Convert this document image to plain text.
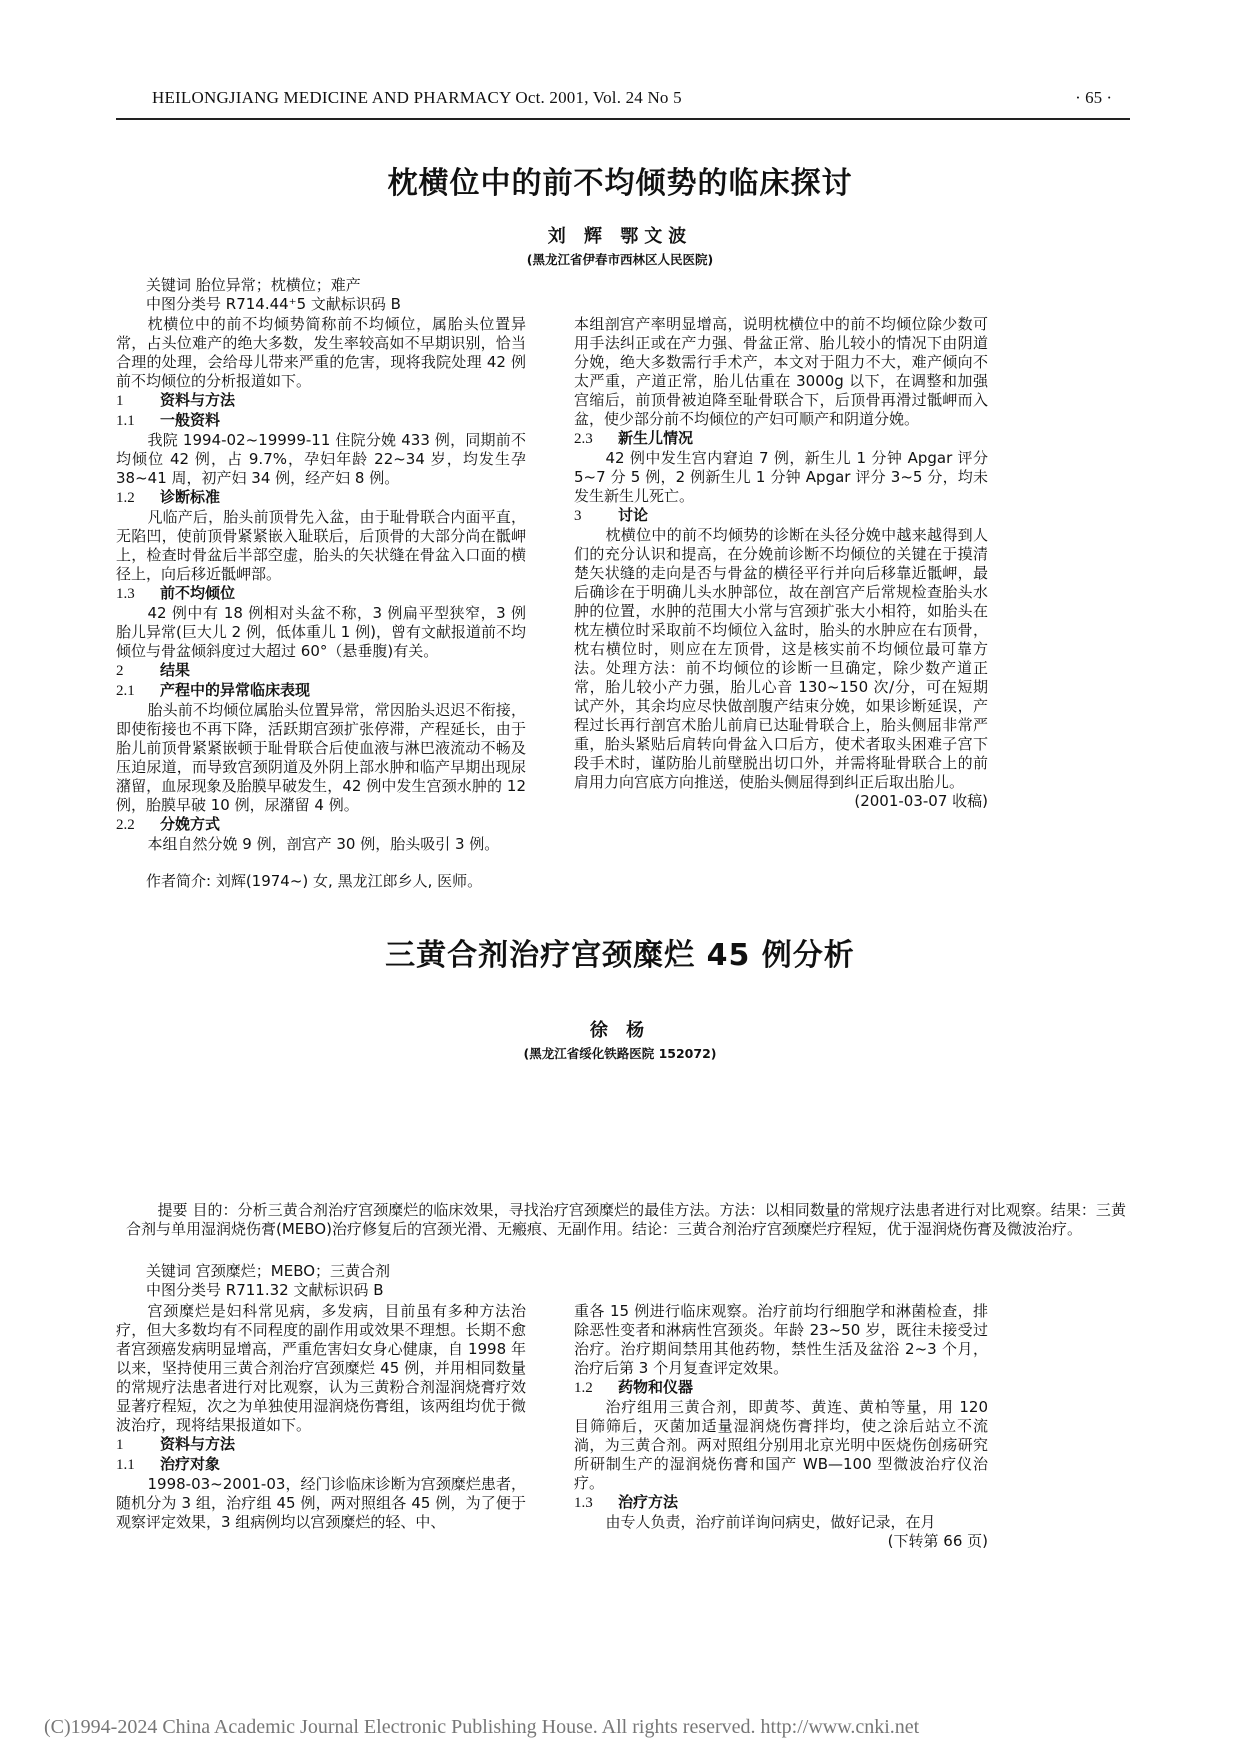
HEILONGJIANG MEDICINE AND PHARMACY Oct. 2001, Vol. 24 No 5	· 65 ·
枕横位中的前不均倾势的临床探讨
刘 辉 鄂文波
(黑龙江省伊春市西林区人民医院)
关键词 胎位异常；枕横位；难产
中图分类号 R714.44⁺5 文献标识码 B

枕横位中的前不均倾势简称前不均倾位，属胎头位置异常，占头位难产的绝大多数，发生率较高如不早期识别，恰当合理的处理，会给母儿带来严重的危害，现将我院处理 42 例前不均倾位的分析报道如下。

1 资料与方法

1.1 一般资料

我院 1994-02~19999-11 住院分娩 433 例，同期前不均倾位 42 例，占 9.7%，孕妇年龄 22~34 岁，均发生孕 38~41 周，初产妇 34 例，经产妇 8 例。

1.2 诊断标准

凡临产后，胎头前顶骨先入盆，由于耻骨联合内面平直，无陷凹，使前顶骨紧紧嵌入耻联后，后顶骨的大部分尚在骶岬上，检查时骨盆后半部空虚，胎头的矢状缝在骨盆入口面的横径上，向后移近骶岬部。

1.3 前不均倾位

42 例中有 18 例相对头盆不称，3 例扁平型狭窄，3 例胎儿异常(巨大儿 2 例，低体重儿 1 例)，曾有文献报道前不均倾位与骨盆倾斜度过大超过 60°（悬垂腹)有关。

2 结果

2.1 产程中的异常临床表现

胎头前不均倾位属胎头位置异常，常因胎头迟迟不衔接，即使衔接也不再下降，活跃期宫颈扩张停滞，产程延长，由于胎儿前顶骨紧紧嵌顿于耻骨联合后使血液与淋巴液流动不畅及压迫尿道，而导致宫颈阴道及外阴上部水肿和临产早期出现尿潴留，血尿现象及胎膜早破发生，42 例中发生宫颈水肿的 12 例，胎膜早破 10 例，尿潴留 4 例。

2.2 分娩方式

本组自然分娩 9 例，剖宫产 30 例，胎头吸引 3 例。

作者简介: 刘辉(1974~) 女, 黑龙江郎乡人, 医师。

本组剖宫产率明显增高，说明枕横位中的前不均倾位除少数可用手法纠正或在产力强、骨盆正常、胎儿较小的情况下由阴道分娩，绝大多数需行手术产，本文对于阻力不大，难产倾向不太严重，产道正常，胎儿估重在 3000g 以下，在调整和加强宫缩后，前顶骨被迫降至耻骨联合下，后顶骨再滑过骶岬而入盆，使少部分前不均倾位的产妇可顺产和阴道分娩。

2.3 新生儿情况

42 例中发生宫内窘迫 7 例，新生儿 1 分钟 Apgar 评分 5~7 分 5 例，2 例新生儿 1 分钟 Apgar 评分 3~5 分，均未发生新生儿死亡。

3 讨论

枕横位中的前不均倾势的诊断在头径分娩中越来越得到人们的充分认识和提高，在分娩前诊断不均倾位的关键在于摸清楚矢状缝的走向是否与骨盆的横径平行并向后移靠近骶岬，最后确诊在于明确儿头水肿部位，故在剖宫产后常规检查胎头水肿的位置，水肿的范围大小常与宫颈扩张大小相符，如胎头在枕左横位时采取前不均倾位入盆时，胎头的水肿应在右顶骨，枕右横位时，则应在左顶骨，这是核实前不均倾位最可靠方法。处理方法：前不均倾位的诊断一旦确定，除少数产道正常，胎儿较小产力强，胎儿心音 130~150 次/分，可在短期试产外，其余均应尽快做剖腹产结束分娩，如果诊断延误，产程过长再行剖宫术胎儿前肩已达耻骨联合上，胎头侧屈非常严重，胎头紧贴后肩转向骨盆入口后方，使术者取头困难子宫下段手术时，谨防胎儿前壁脱出切口外，并需将耻骨联合上的前肩用力向宫底方向推送，使胎头侧屈得到纠正后取出胎儿。

(2001-03-07 收稿)

三黄合剂治疗宫颈糜烂 45 例分析
徐 杨
(黑龙江省绥化铁路医院 152072)
提要 目的：分析三黄合剂治疗宫颈糜烂的临床效果，寻找治疗宫颈糜烂的最佳方法。方法：以相同数量的常规疗法患者进行对比观察。结果：三黄合剂与单用湿润烧伤膏(MEBO)治疗修复后的宫颈光滑、无瘢痕、无副作用。结论：三黄合剂治疗宫颈糜烂疗程短，优于湿润烧伤膏及微波治疗。
关键词 宫颈糜烂；MEBO；三黄合剂
中图分类号 R711.32 文献标识码 B

宫颈糜烂是妇科常见病，多发病，目前虽有多种方法治疗，但大多数均有不同程度的副作用或效果不理想。长期不愈者宫颈癌发病明显增高，严重危害妇女身心健康，自 1998 年以来，坚持使用三黄合剂治疗宫颈糜烂 45 例，并用相同数量的常规疗法患者进行对比观察，认为三黄粉合剂湿润烧膏疗效显著疗程短，次之为单独使用湿润烧伤膏组，该两组均优于微波治疗，现将结果报道如下。

1 资料与方法

1.1 治疗对象

1998-03~2001-03，经门诊临床诊断为宫颈糜烂患者，随机分为 3 组，治疗组 45 例，两对照组各 45 例，为了便于观察评定效果，3 组病例均以宫颈糜烂的轻、中、

重各 15 例进行临床观察。治疗前均行细胞学和淋菌检查，排除恶性变者和淋病性宫颈炎。年龄 23~50 岁，既往未接受过治疗。治疗期间禁用其他药物，禁性生活及盆浴 2~3 个月，治疗后第 3 个月复查评定效果。

1.2 药物和仪器

治疗组用三黄合剂，即黄芩、黄连、黄柏等量，用 120 目筛筛后，灭菌加适量湿润烧伤膏拌均，使之涂后站立不流淌，为三黄合剂。两对照组分别用北京光明中医烧伤创疡研究所研制生产的湿润烧伤膏和国产 WB—100 型微波治疗仪治疗。

1.3 治疗方法

由专人负责，治疗前详询问病史，做好记录，在月

(下转第 66 页)

(C)1994-2024 China Academic Journal Electronic Publishing House. All rights reserved. http://www.cnki.net
